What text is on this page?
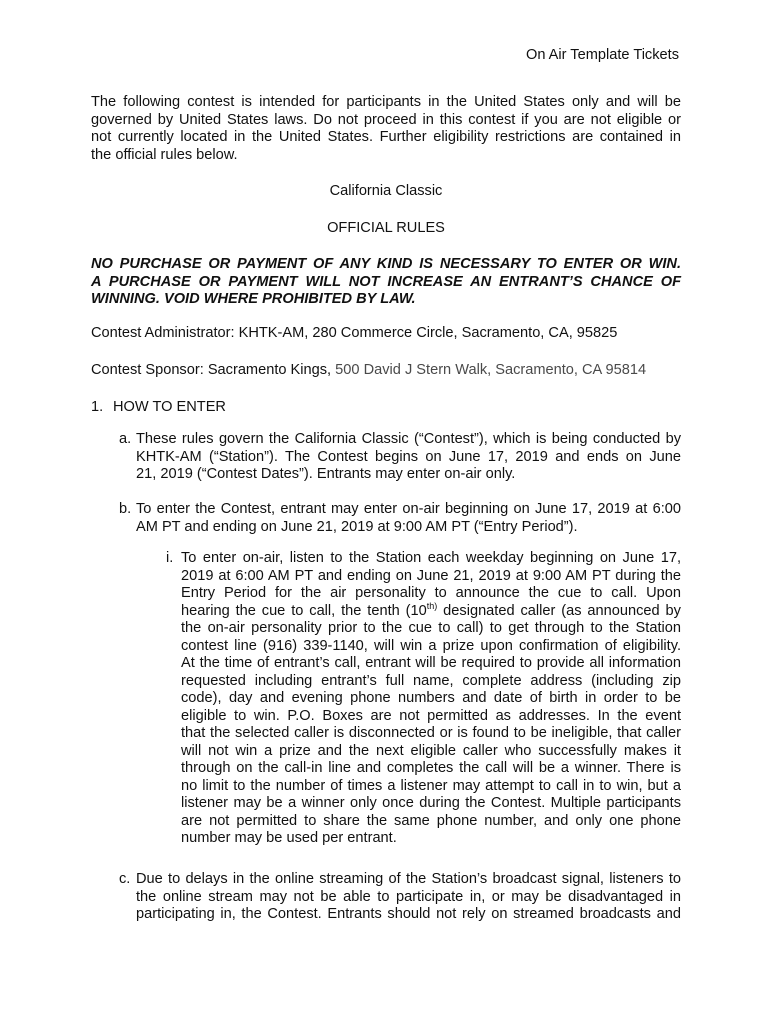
On Air Template Tickets
The following contest is intended for participants in the United States only and will be
governed by United States laws. Do not proceed in this contest if you are not eligible or
not currently located in the United States. Further eligibility restrictions are contained in
the official rules below.
California Classic
OFFICIAL RULES
NO PURCHASE OR PAYMENT OF ANY KIND IS NECESSARY TO ENTER OR WIN.
A PURCHASE OR PAYMENT WILL NOT INCREASE AN ENTRANT’S CHANCE OF
WINNING. VOID WHERE PROHIBITED BY LAW.
Contest Administrator: KHTK-AM, 280 Commerce Circle, Sacramento, CA, 95825
Contest Sponsor: Sacramento Kings, 500 David J Stern Walk, Sacramento, CA 95814
1. HOW TO ENTER
a. These rules govern the California Classic (“Contest”), which is being conducted by
KHTK-AM (“Station”). The Contest begins on June 17, 2019 and ends on June
21, 2019 (“Contest Dates”). Entrants may enter on-air only.
b. To enter the Contest, entrant may enter on-air beginning on June 17, 2019 at 6:00
AM PT and ending on June 21, 2019 at 9:00 AM PT (“Entry Period”).
i. To enter on-air, listen to the Station each weekday beginning on June 17,
2019 at 6:00 AM PT and ending on June 21, 2019 at 9:00 AM PT during the
Entry Period for the air personality to announce the cue to call. Upon
hearing the cue to call, the tenth ($10^{th)}$ designated caller (as announced by
the on-air personality prior to the cue to call) to get through to the Station
contest line (916) 339-1140, will win a prize upon confirmation of eligibility.
At the time of entrant’s call, entrant will be required to provide all information
requested including entrant’s full name, complete address (including zip
code), day and evening phone numbers and date of birth in order to be
eligible to win. P.O. Boxes are not permitted as addresses. In the event
that the selected caller is disconnected or is found to be ineligible, that caller
will not win a prize and the next eligible caller who successfully makes it
through on the call-in line and completes the call will be a winner. There is
no limit to the number of times a listener may attempt to call in to win, but a
listener may be a winner only once during the Contest. Multiple participants
are not permitted to share the same phone number, and only one phone
number may be used per entrant.
c. Due to delays in the online streaming of the Station’s broadcast signal, listeners to
the online stream may not be able to participate in, or may be disadvantaged in
participating in, the Contest. Entrants should not rely on streamed broadcasts and
